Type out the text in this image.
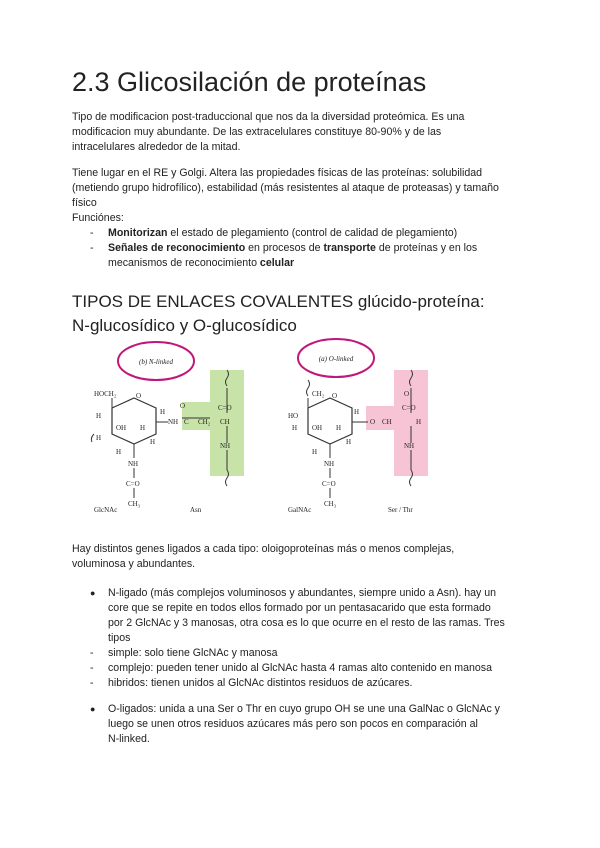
2.3 Glicosilación de proteínas
Tipo de modificacion post-traduccional que nos da la diversidad proteómica. Es una
modificacion muy abundante. De las extracelulares constituye 80-90% y de las
intracelulares alrededor de la mitad.
Tiene lugar en el RE y Golgi. Altera las propiedades físicas de las proteínas: solubilidad
(metiendo grupo hidrofílico), estabilidad (más resistentes al ataque de proteasas) y tamaño
físico
Funciónes:
- Monitorizan el estado de plegamiento (control de calidad de plegamiento)
- Señales de reconocimiento en procesos de transporte de proteínas y en los
mecanismos de reconocimiento celular
TIPOS DE ENLACES COVALENTES glúcido-proteína:
N-glucosídico y O-glucosídico
(b) N-linked
HOCH₂
H
O
H
OH H
H
H
H
NH
C=O
CH₃
NH C CH₂ CH
C=O
NH
O
GlcNAc	Asn
(a) O-linked
CH₂
HO
H
O
H
OH H
H
H
NH
C=O
CH₃
O CH	H
C=O
NH
O
GalNAc	Ser / Thr
Hay distintos genes ligados a cada tipo: oloigoproteínas más o menos complejas,
voluminosa y abundantes.
● N-ligado (más complejos voluminosos y abundantes, siempre unido a Asn). hay un
core que se repite en todos ellos formado por un pentasacarido que esta formado
por 2 GlcNAc y 3 manosas, otra cosa es lo que ocurre en el resto de las ramas. Tres
tipos
- simple: solo tiene GlcNAc y manosa
- complejo: pueden tener unido al GlcNAc hasta 4 ramas alto contenido en manosa
- hibridos: tienen unidos al GlcNAc distintos residuos de azúcares.
● O-ligados: unida a una Ser o Thr en cuyo grupo OH se une una GalNac o GlcNAc y
luego se unen otros residuos azúcares más pero son pocos en comparación al
N-linked.
